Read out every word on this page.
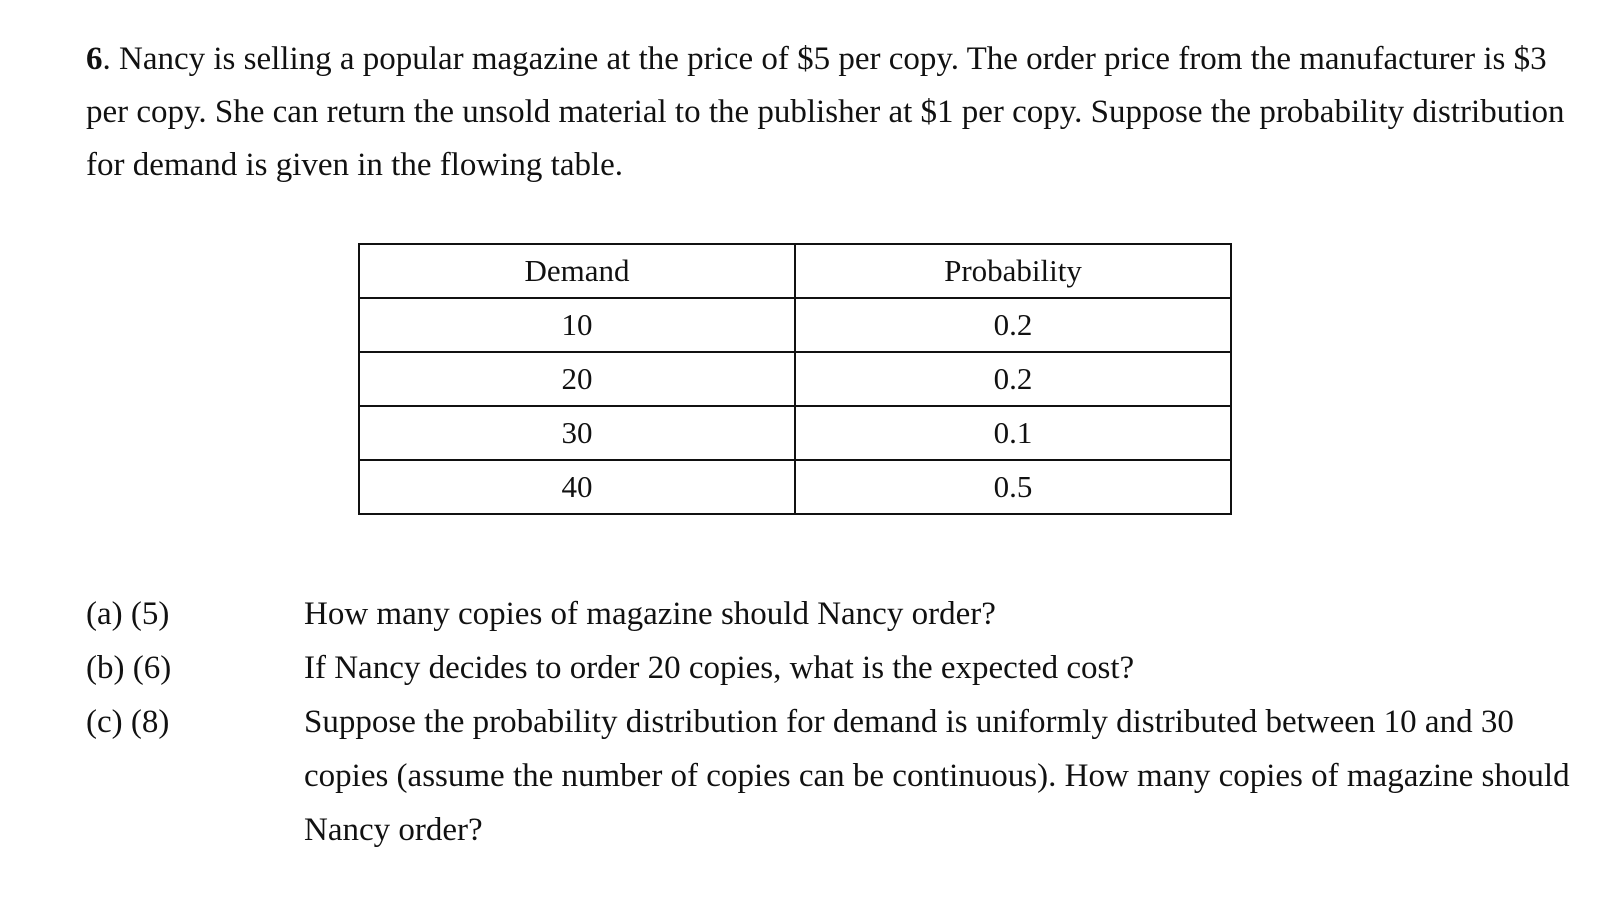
6. Nancy is selling a popular magazine at the price of $5 per copy. The order price from the manufacturer is $3 per copy. She can return the unsold material to the publisher at $1 per copy. Suppose the probability distribution for demand is given in the flowing table.
Demand	Probability
10	0.2
20	0.2
30	0.1
40	0.5
(a) (5)	How many copies of magazine should Nancy order?
(b) (6)	If Nancy decides to order 20 copies, what is the expected cost?
(c) (8)	Suppose the probability distribution for demand is uniformly distributed between 10 and 30 copies (assume the number of copies can be continuous). How many copies of magazine should Nancy order?
